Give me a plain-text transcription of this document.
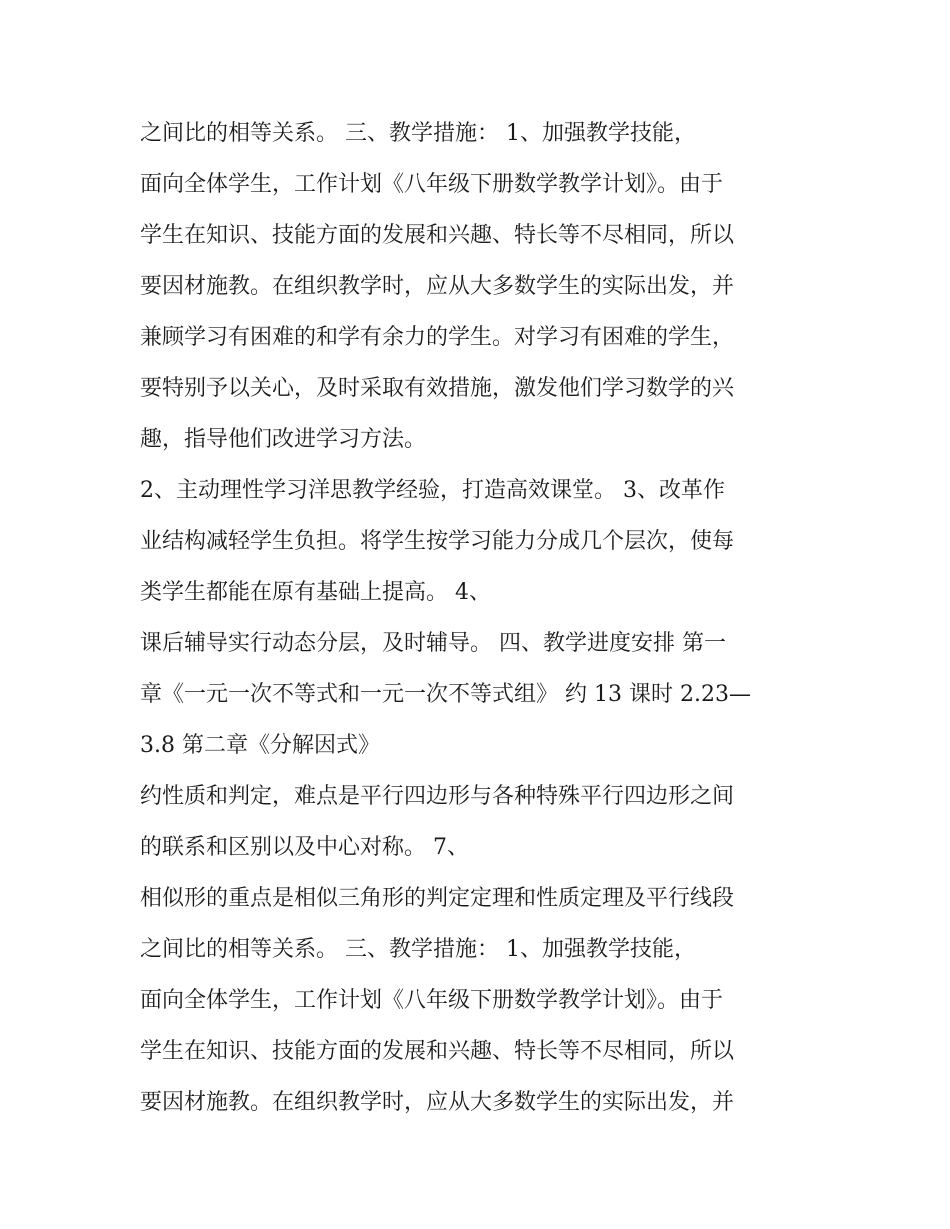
之间比的相等关系。 三、教学措施： 1、加强教学技能，
面向全体学生，工作计划《八年级下册数学教学计划》。由于
学生在知识、技能方面的发展和兴趣、特长等不尽相同，所以
要因材施教。在组织教学时，应从大多数学生的实际出发，并
兼顾学习有困难的和学有余力的学生。对学习有困难的学生，
要特别予以关心，及时采取有效措施，激发他们学习数学的兴
趣，指导他们改进学习方法。
2、主动理性学习洋思教学经验，打造高效课堂。 3、改革作
业结构减轻学生负担。将学生按学习能力分成几个层次，使每
类学生都能在原有基础上提高。 4、
课后辅导实行动态分层，及时辅导。 四、教学进度安排 第一
章《一元一次不等式和一元一次不等式组》 约 13 课时 2.23—
3.8 第二章《分解因式》
约性质和判定，难点是平行四边形与各种特殊平行四边形之间
的联系和区别以及中心对称。 7、
相似形的重点是相似三角形的判定定理和性质定理及平行线段
之间比的相等关系。 三、教学措施： 1、加强教学技能，
面向全体学生，工作计划《八年级下册数学教学计划》。由于
学生在知识、技能方面的发展和兴趣、特长等不尽相同，所以
要因材施教。在组织教学时，应从大多数学生的实际出发，并
